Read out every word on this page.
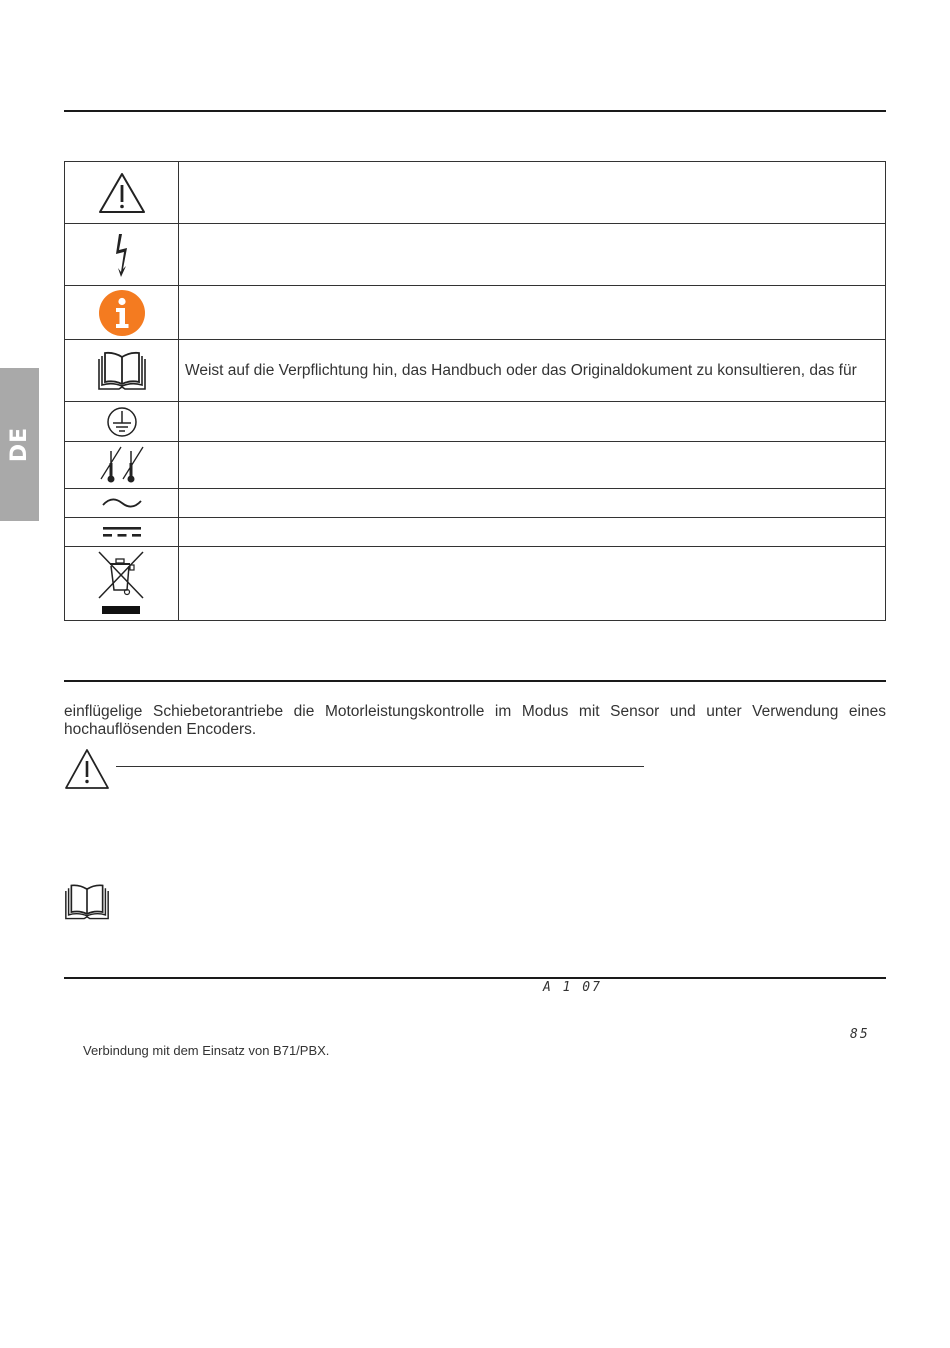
DE

	Weist auf die Verpflichtung hin, das Handbuch oder das Originaldokument zu konsultieren, das für

einflügelige Schiebetorantriebe die Motorleistungskontrolle im Modus mit Sensor und unter Verwendung eines
hochauflösenden Encoders.
A 1 07
85
Verbindung mit dem Einsatz von B71/PBX.
